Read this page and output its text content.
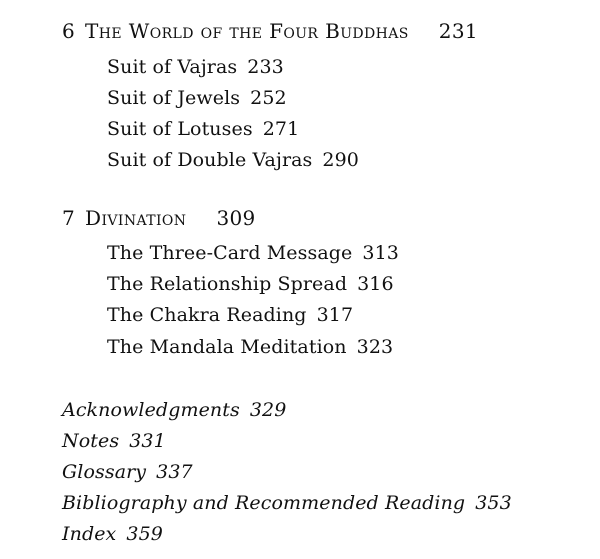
6 The World of the Four Buddhas 231
Suit of Vajras 233
Suit of Jewels 252
Suit of Lotuses 271
Suit of Double Vajras 290
7 Divination 309
The Three-Card Message 313
The Relationship Spread 316
The Chakra Reading 317
The Mandala Meditation 323
Acknowledgments 329
Notes 331
Glossary 337
Bibliography and Recommended Reading 353
Index 359
